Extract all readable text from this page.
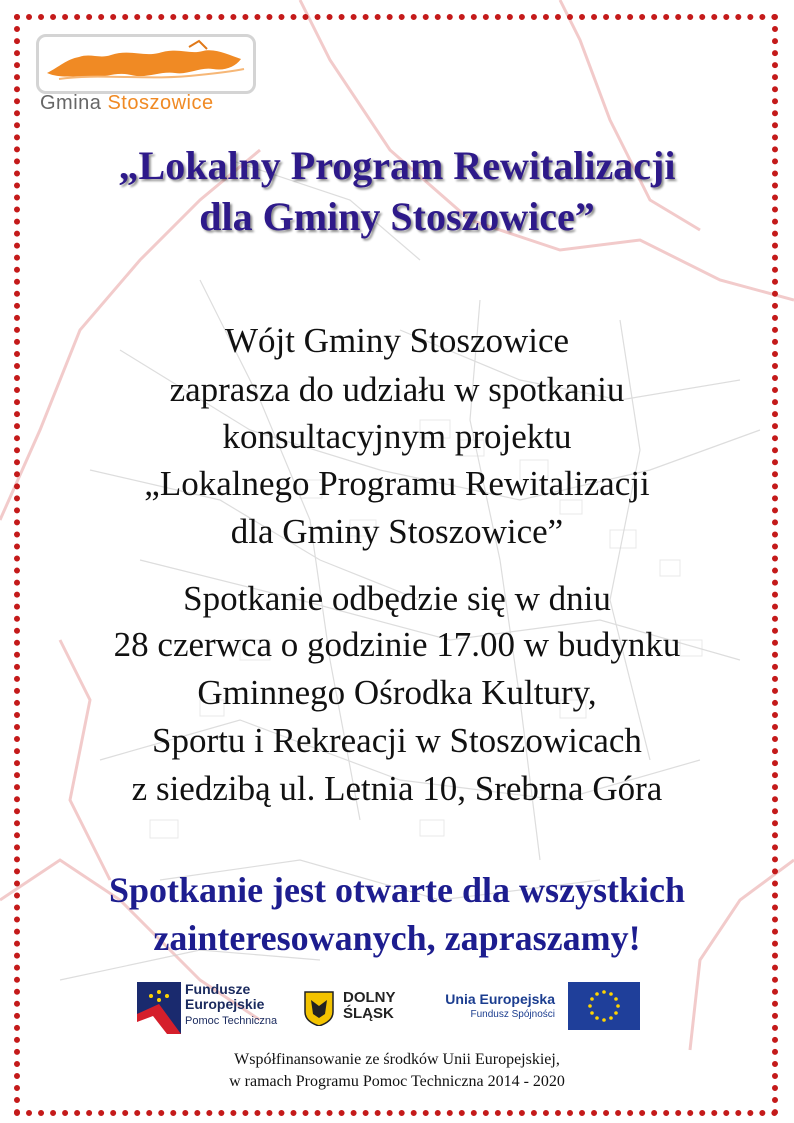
Gmina Stoszowice
„Lokalny Program Rewitalizacji
dla Gminy Stoszowice”
Wójt Gminy Stoszowice
zaprasza do udziału w spotkaniu
konsultacyjnym projektu
„Lokalnego Programu Rewitalizacji
dla Gminy Stoszowice”
Spotkanie odbędzie się w dniu
28 czerwca o godzinie 17.00 w budynku
Gminnego Ośrodka Kultury,
Sportu i Rekreacji w Stoszowicach
z siedzibą ul. Letnia 10, Srebrna Góra
Spotkanie jest otwarte dla wszystkich
zainteresowanych, zapraszamy!
Fundusze
Europejskie
Pomoc Techniczna
DOLNY
ŚLĄSK
Unia Europejska
Fundusz Spójności
Współfinansowanie ze środków Unii Europejskiej,
w ramach Programu Pomoc Techniczna 2014 - 2020
